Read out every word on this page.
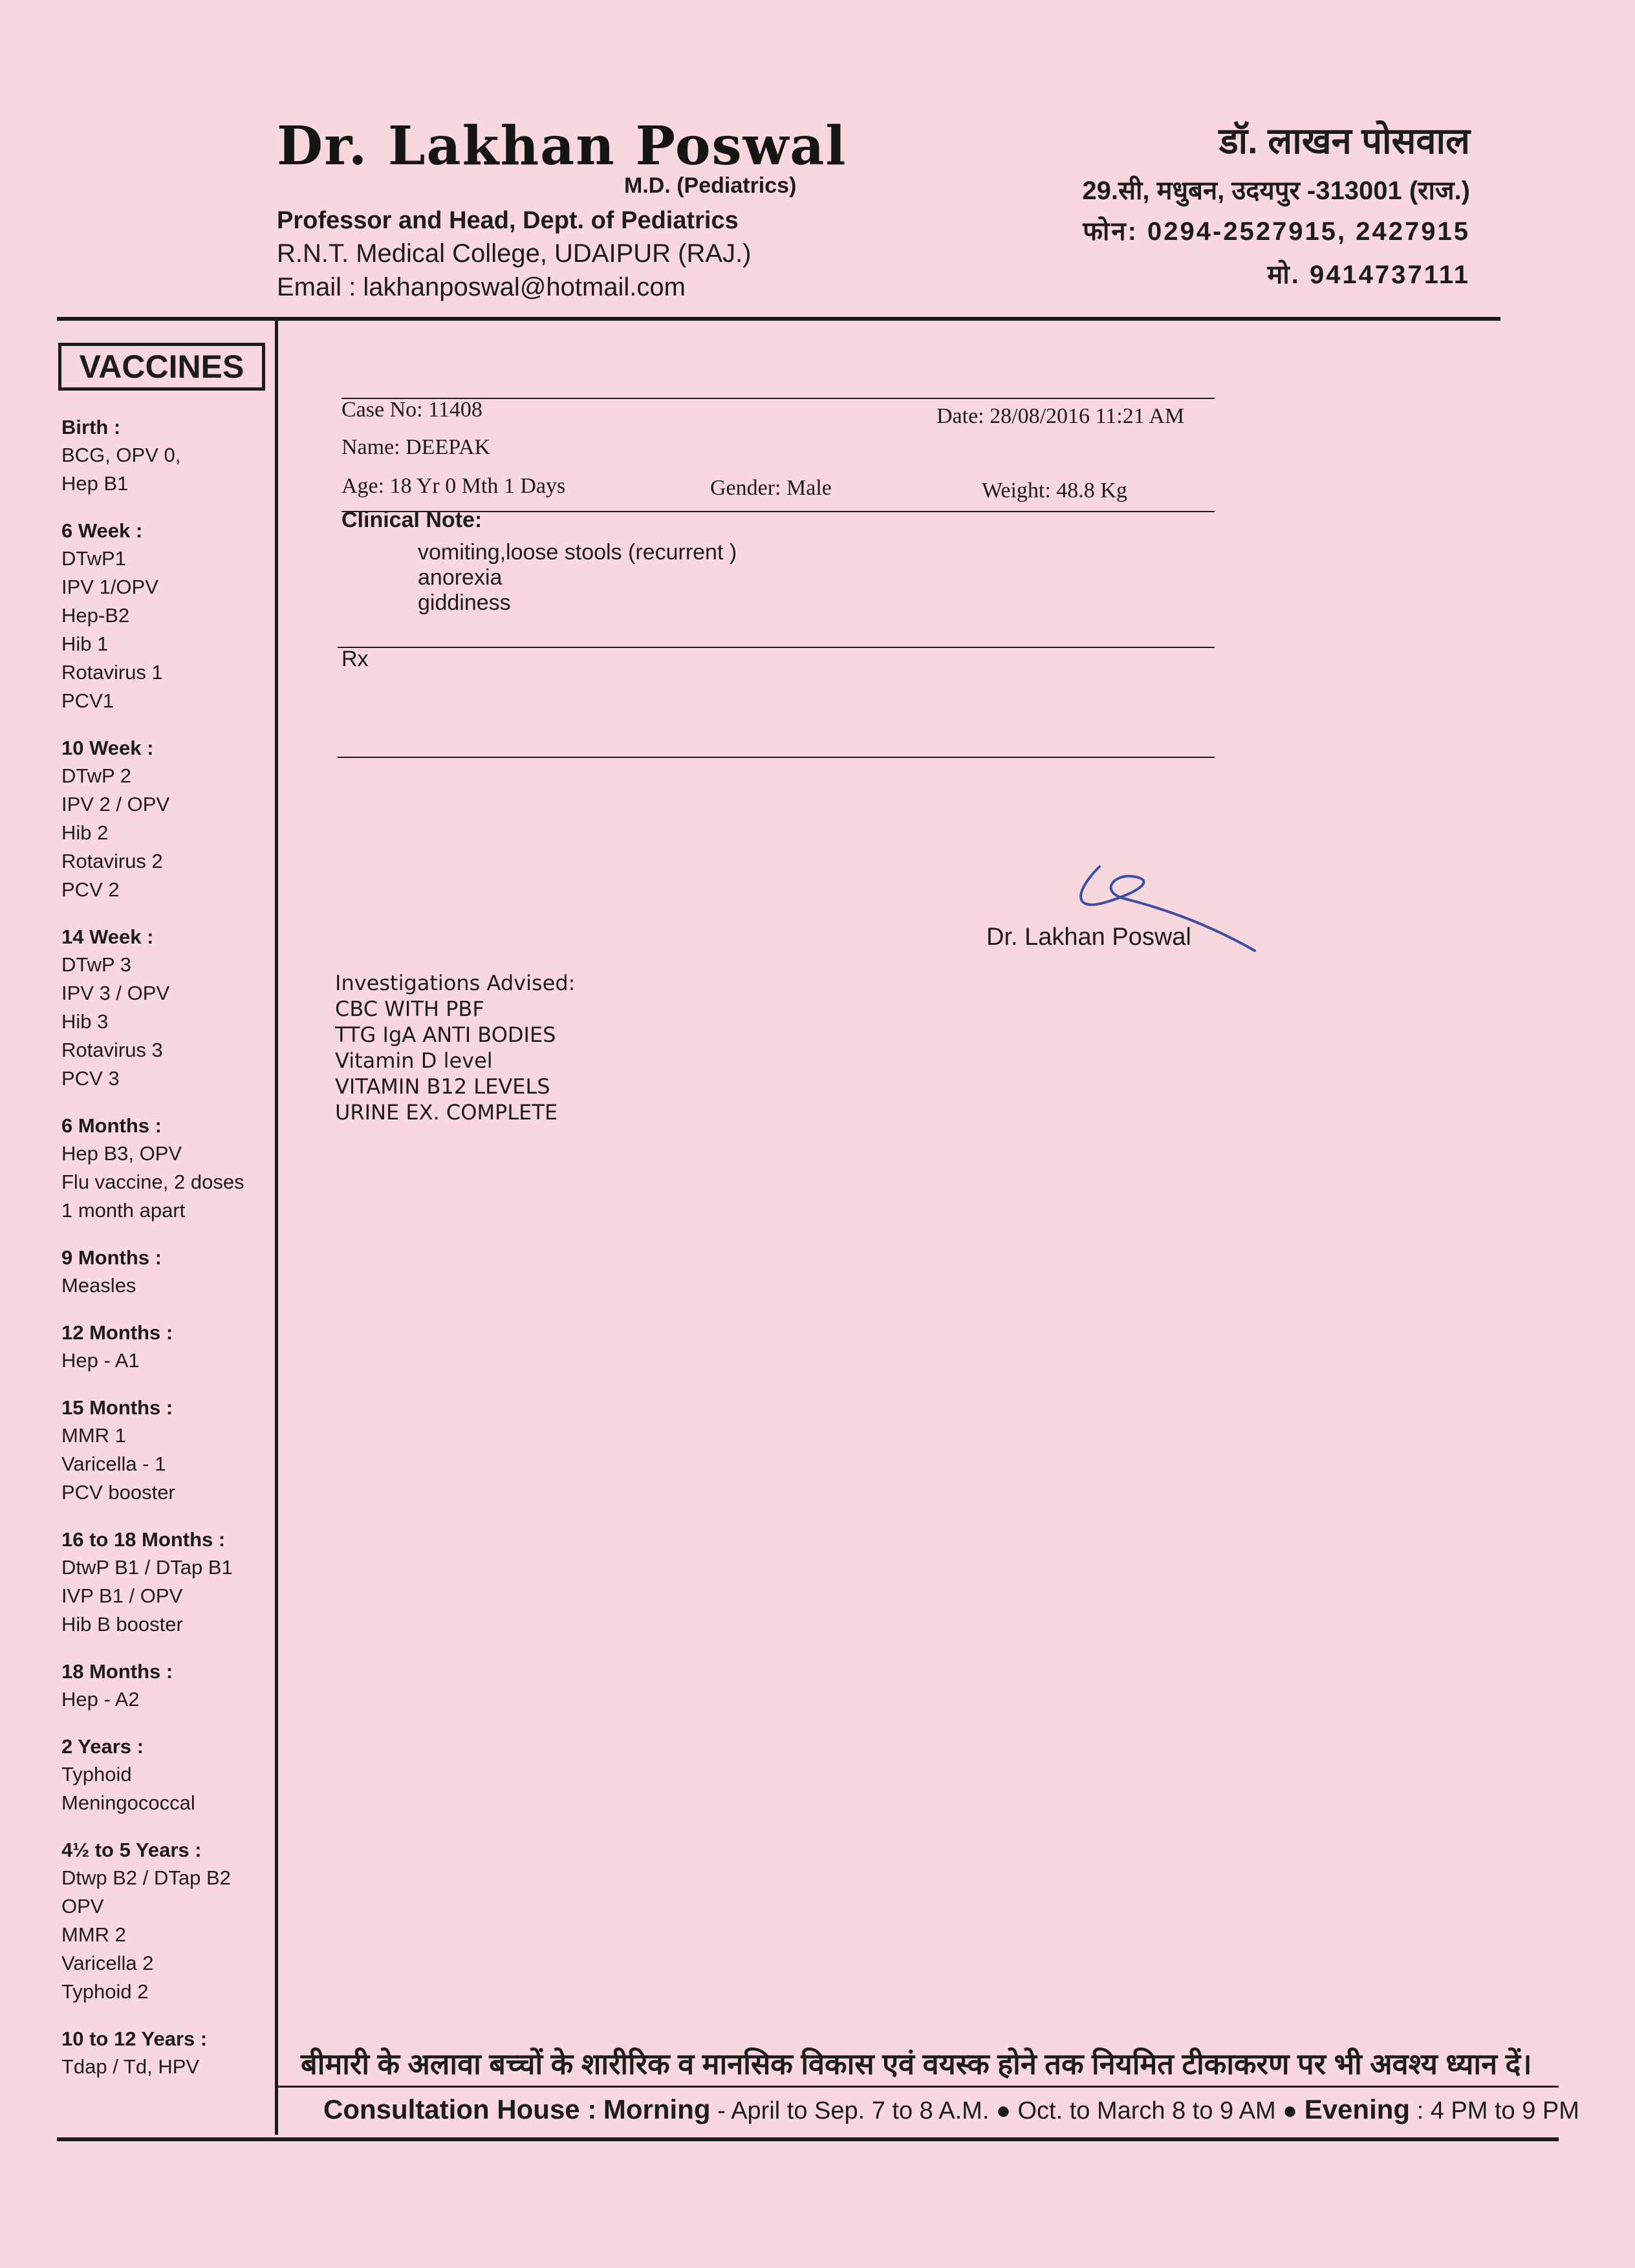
Dr. Lakhan Poswal
M.D. (Pediatrics)
Professor and Head, Dept. of Pediatrics
R.N.T. Medical College, UDAIPUR (RAJ.)
Email : lakhanposwal@hotmail.com
डॉ. लाखन पोसवाल
29.सी, मधुबन, उदयपुर -313001 (राज.)
फोन: 0294-2527915, 2427915
मो. 9414737111
VACCINES
Birth :
BCG, OPV 0,
Hep B1
6 Week :
DTwP1
IPV 1/OPV
Hep-B2
Hib 1
Rotavirus 1
PCV1
10 Week :
DTwP 2
IPV 2 / OPV
Hib 2
Rotavirus 2
PCV 2
14 Week :
DTwP 3
IPV 3 / OPV
Hib 3
Rotavirus 3
PCV 3
6 Months :
Hep B3, OPV
Flu vaccine, 2 doses
1 month apart
9 Months :
Measles
12 Months :
Hep - A1
15 Months :
MMR 1
Varicella - 1
PCV booster
16 to 18 Months :
DtwP B1 / DTap B1
IVP B1 / OPV
Hib B booster
18 Months :
Hep - A2
2 Years :
Typhoid
Meningococcal
4½ to 5 Years :
Dtwp B2 / DTap B2
OPV
MMR 2
Varicella 2
Typhoid 2
10 to 12 Years :
Tdap / Td, HPV
Case No: 11408	Date: 28/08/2016 11:21 AM
Name: DEEPAK
Age: 18 Yr 0 Mth 1 Days	Gender: Male	Weight: 48.8 Kg
Clinical Note:
vomiting,loose stools (recurrent )
anorexia
giddiness
Rx
Dr. Lakhan Poswal
Investigations Advised:
CBC WITH PBF
TTG IgA ANTI BODIES
Vitamin D level
VITAMIN B12 LEVELS
URINE EX. COMPLETE
बीमारी के अलावा बच्चों के शारीरिक व मानसिक विकास एवं वयस्क होने तक नियमित टीकाकरण पर भी अवश्य ध्यान दें।
Consultation House : Morning - April to Sep. 7 to 8 A.M. ● Oct. to March 8 to 9 AM ● Evening : 4 PM to 9 PM
